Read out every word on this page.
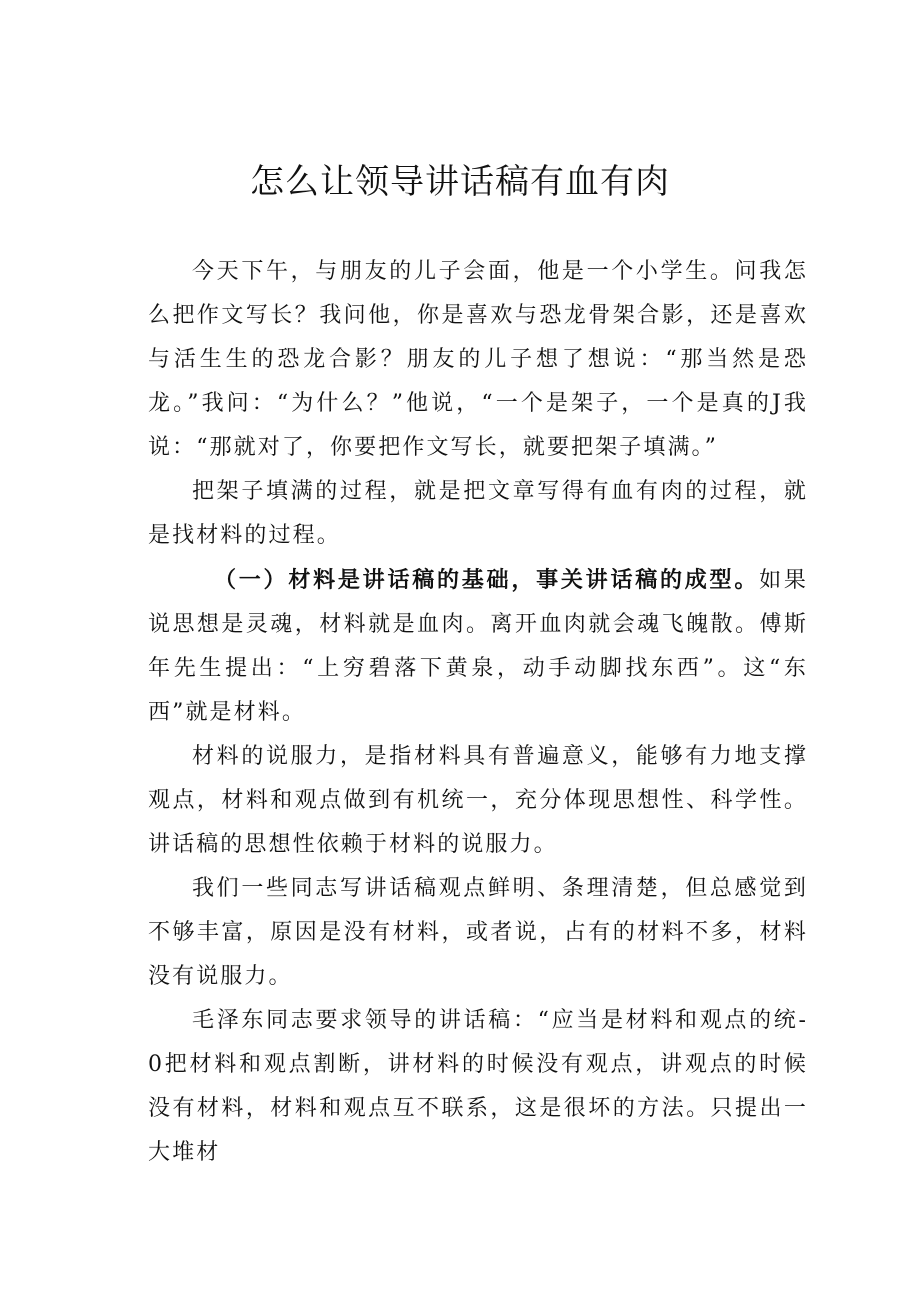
怎么让领导讲话稿有血有肉

今天下午，与朋友的儿子会面，他是一个小学生。问我怎么把作文写长？我问他，你是喜欢与恐龙骨架合影，还是喜欢与活生生的恐龙合影？朋友的儿子想了想说：“那当然是恐龙。”我问：“为什么？”他说，“一个是架子，一个是真的J我说：“那就对了，你要把作文写长，就要把架子填满。”

把架子填满的过程，就是把文章写得有血有肉的过程，就是找材料的过程。

（一）材料是讲话稿的基础，事关讲话稿的成型。如果说思想是灵魂，材料就是血肉。离开血肉就会魂飞魄散。傅斯年先生提出：“上穷碧落下黄泉，动手动脚找东西”。这“东西”就是材料。

材料的说服力，是指材料具有普遍意义，能够有力地支撑观点，材料和观点做到有机统一，充分体现思想性、科学性。讲话稿的思想性依赖于材料的说服力。

我们一些同志写讲话稿观点鲜明、条理清楚，但总感觉到不够丰富，原因是没有材料，或者说，占有的材料不多，材料没有说服力。

毛泽东同志要求领导的讲话稿：“应当是材料和观点的统-0把材料和观点割断，讲材料的时候没有观点，讲观点的时候没有材料，材料和观点互不联系，这是很坏的方法。只提出一大堆材
